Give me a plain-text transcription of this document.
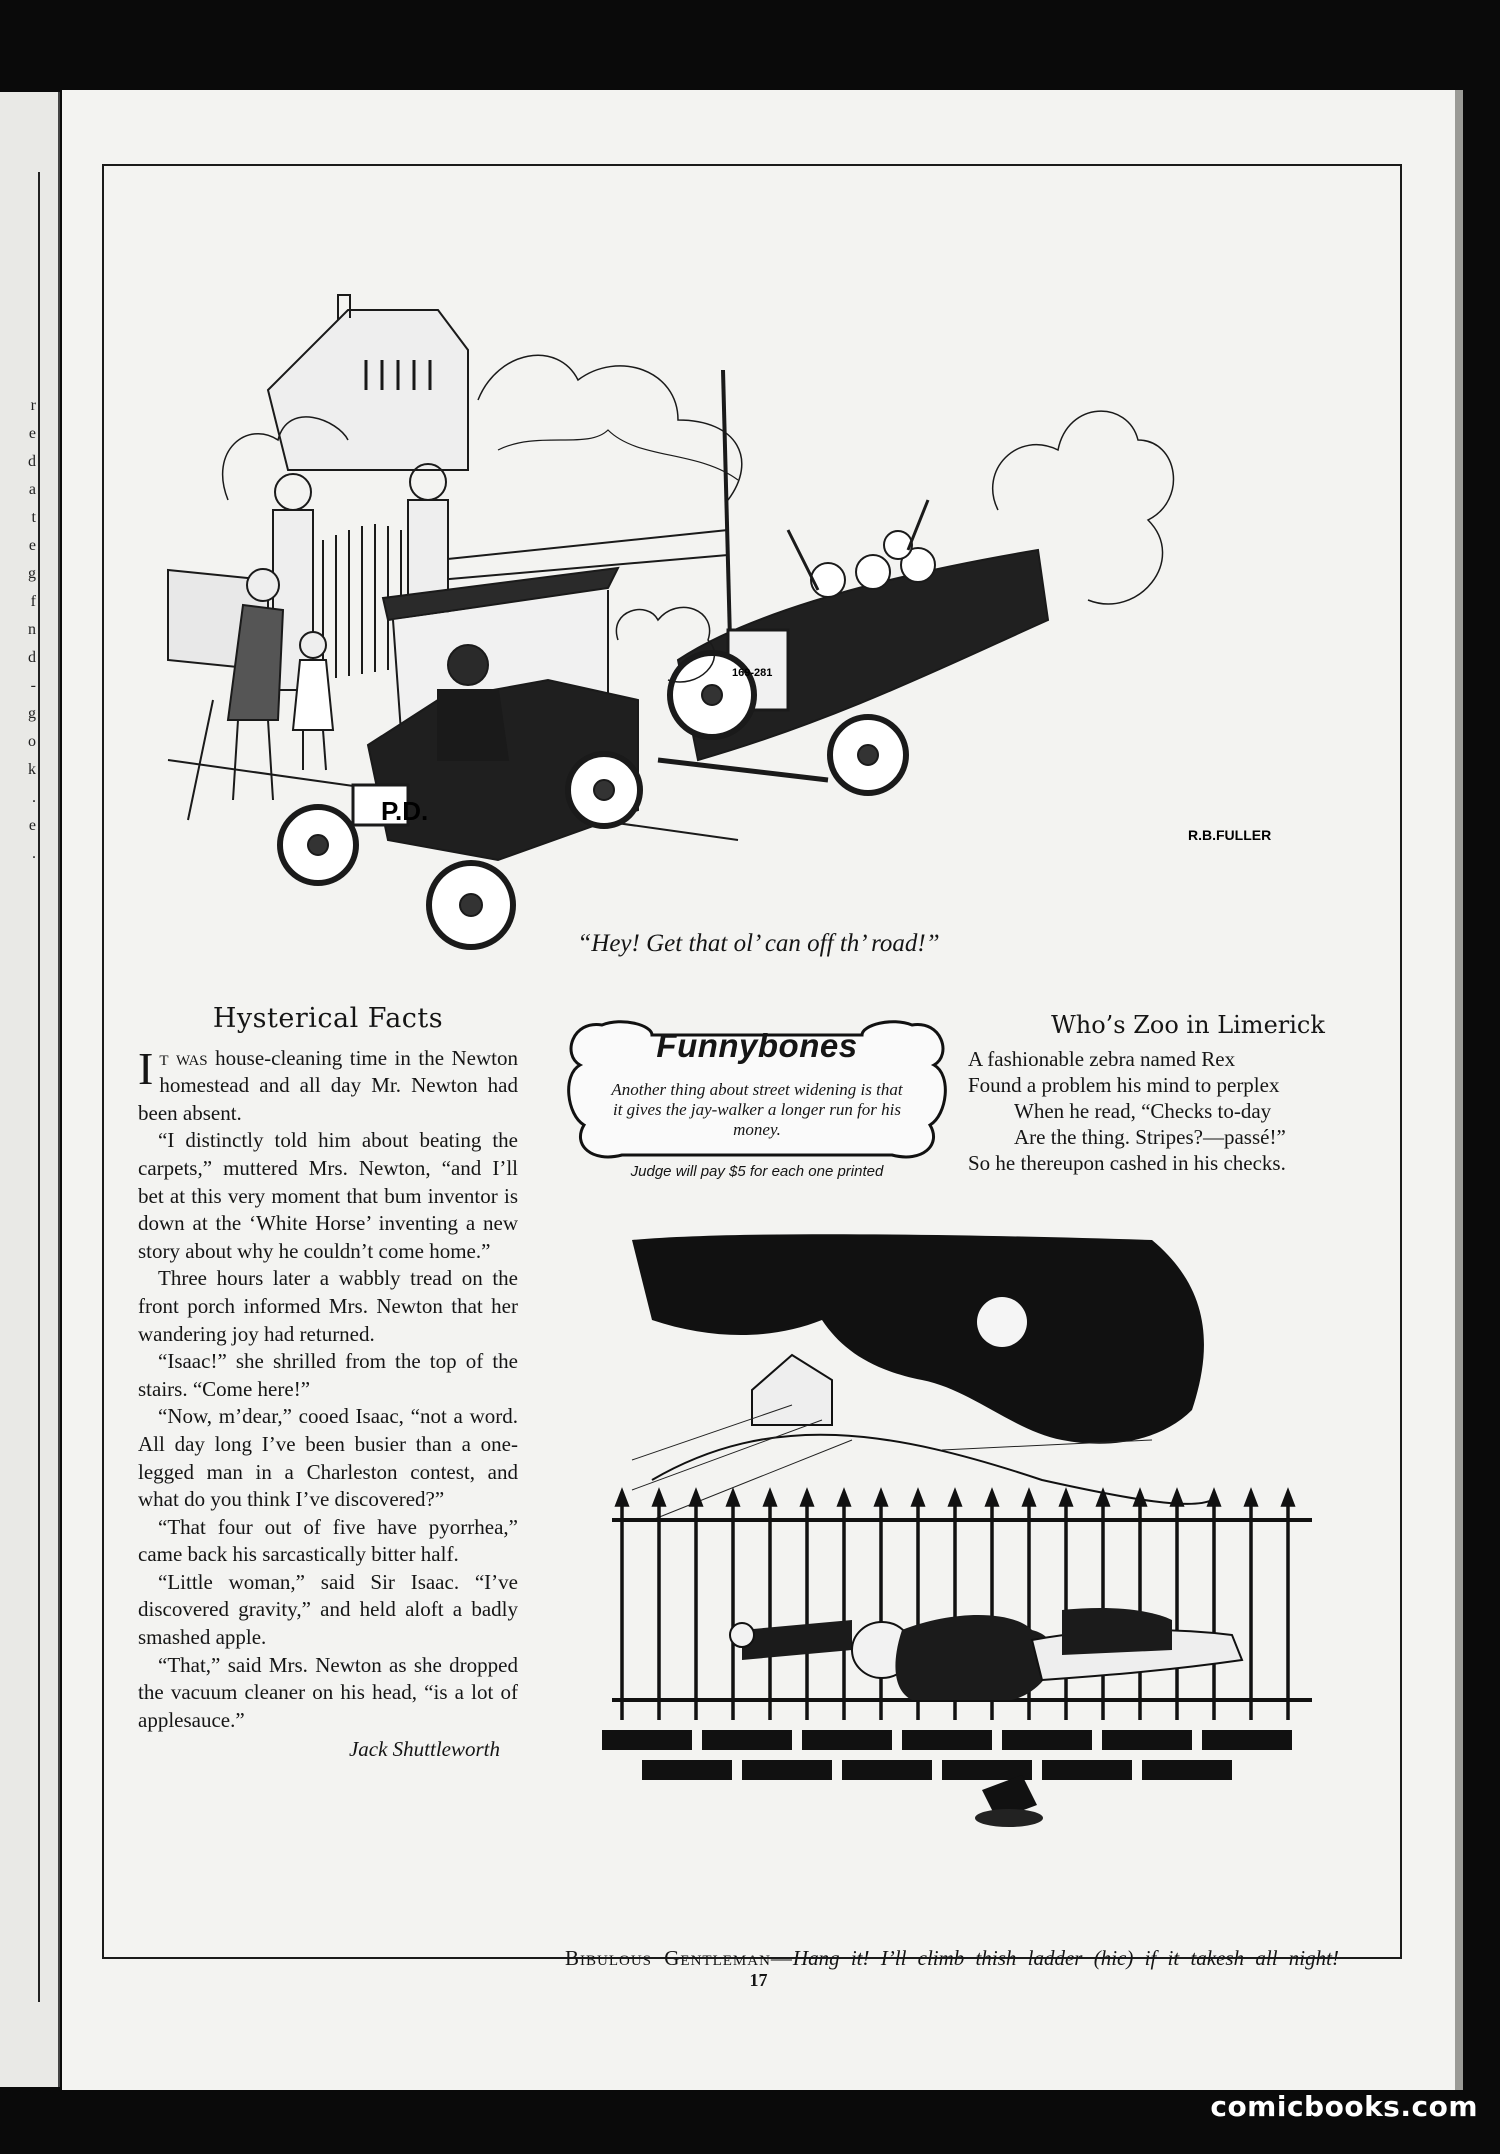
r
e
d
a
t
e
g
f
n
d
-
g
o
k
.
e
.
P.D.
169-281
R.B.FULLER
“Hey! Get that ol’ can off th’ road!”
Hysterical Facts

It was house-cleaning time in the Newton homestead and all day Mr. Newton had been absent.

“I distinctly told him about beating the carpets,” muttered Mrs. Newton, “and I’ll bet at this very moment that bum inventor is down at the ‘White Horse’ inventing a new story about why he couldn’t come home.”

Three hours later a wabbly tread on the front porch informed Mrs. Newton that her wandering joy had returned.

“Isaac!” she shrilled from the top of the stairs. “Come here!”

“Now, m’dear,” cooed Isaac, “not a word. All day long I’ve been busier than a one-legged man in a Charleston contest, and what do you think I’ve discovered?”

“That four out of five have pyorrhea,” came back his sarcastically bitter half.

“Little woman,” said Sir Isaac. “I’ve discovered gravity,” and held aloft a badly smashed apple.

“That,” said Mrs. Newton as she dropped the vacuum cleaner on his head, “is a lot of applesauce.”

Jack Shuttleworth
Funnybones
Another thing about street widening is that it gives the jay-walker a longer run for his money.
Judge will pay $5 for each one printed
Who’s Zoo in Limerick
A fashionable zebra named Rex
Found a problem his mind to perplex
When he read, “Checks to-day
Are the thing. Stripes?—passé!”
So he thereupon cashed in his checks.
Bibulous Gentleman—Hang it! I’ll climb thish ladder (hic) if it takesh all night!
17
comicbooks.com
